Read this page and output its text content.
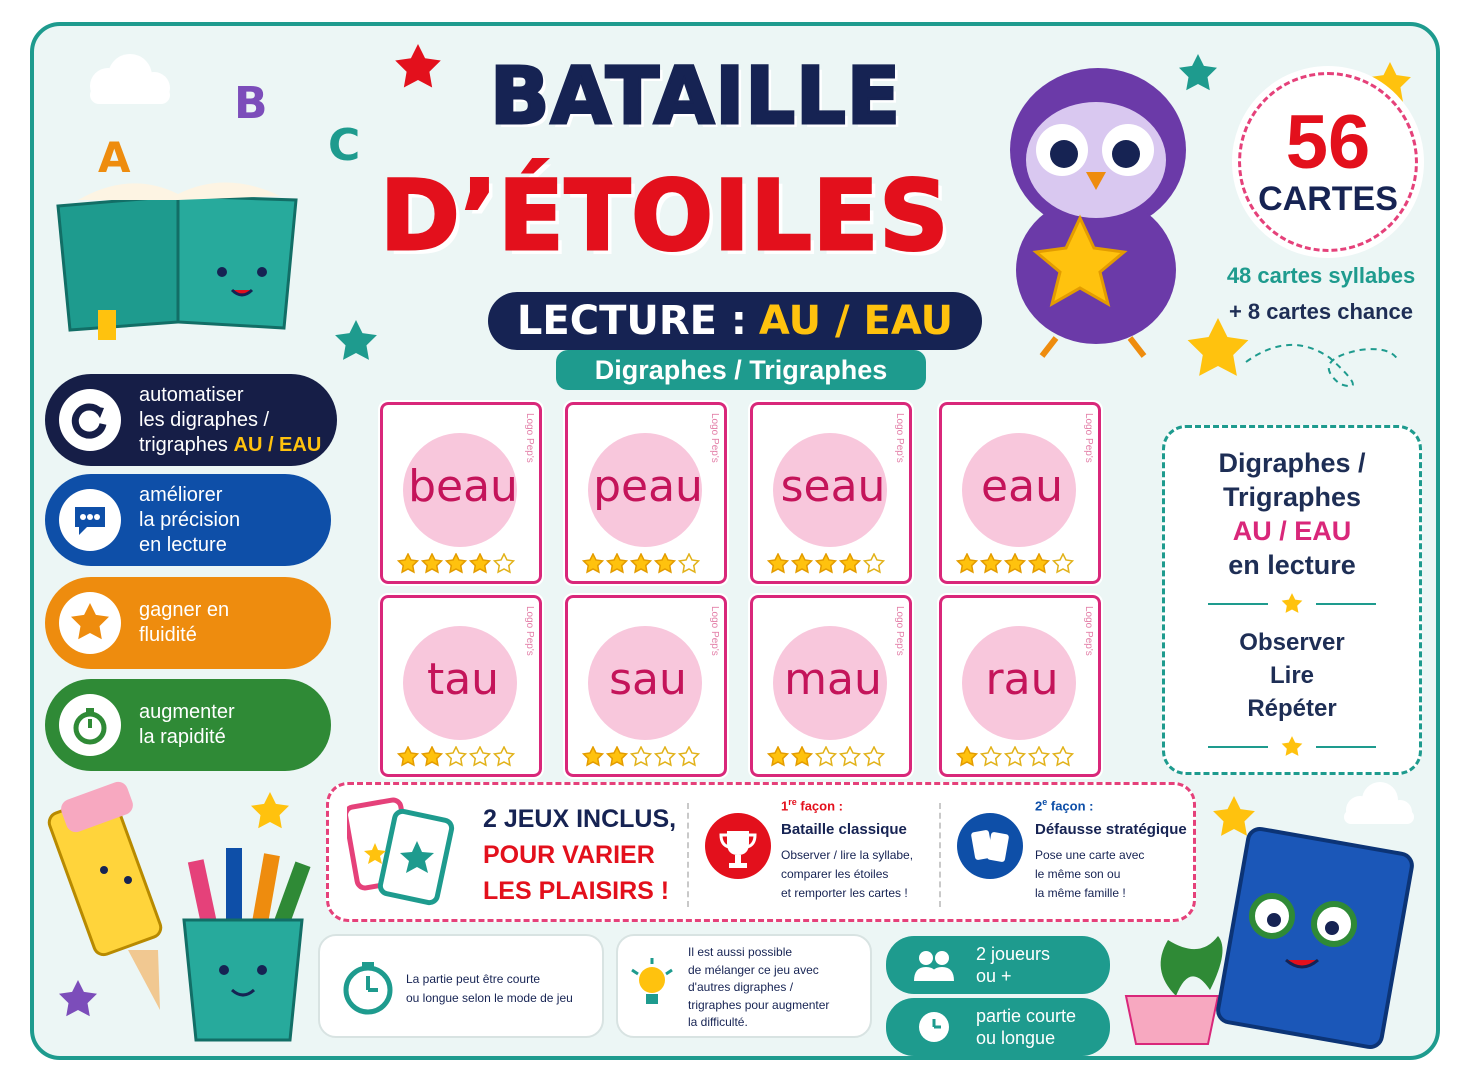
A
B
C
BATAILLE
D’ÉTOILES
LECTURE : AU / EAU
Digraphes / Trigraphes
56
CARTES
48 cartes syllabes
+ 8 cartes chance
automatiser
les digraphes /
trigraphes AU / EAU
améliorer
la précision
en lecture
gagner en
fluidité
augmenter
la rapidité
beau
Logo Pep's
peau
Logo Pep's
seau
Logo Pep's
eau
Logo Pep's
tau
Logo Pep's
sau
Logo Pep's
mau
Logo Pep's
rau
Logo Pep's
Digraphes /
Trigraphes
AU / EAU
en lecture
Observer
Lire
Répéter
2 JEUX INCLUS,
POUR VARIER
LES PLAISIRS !
1re façon :
Bataille classique
Observer / lire la syllabe,
comparer les étoiles
et remporter les cartes !
2e façon :
Défausse stratégique
Pose une carte avec
le même son ou
la même famille !
La partie peut être courte
ou longue selon le mode de jeu
Il est aussi possible
de mélanger ce jeu avec
d'autres digraphes /
trigraphes pour augmenter
la difficulté.
2 joueurs
ou +
partie courte
ou longue
